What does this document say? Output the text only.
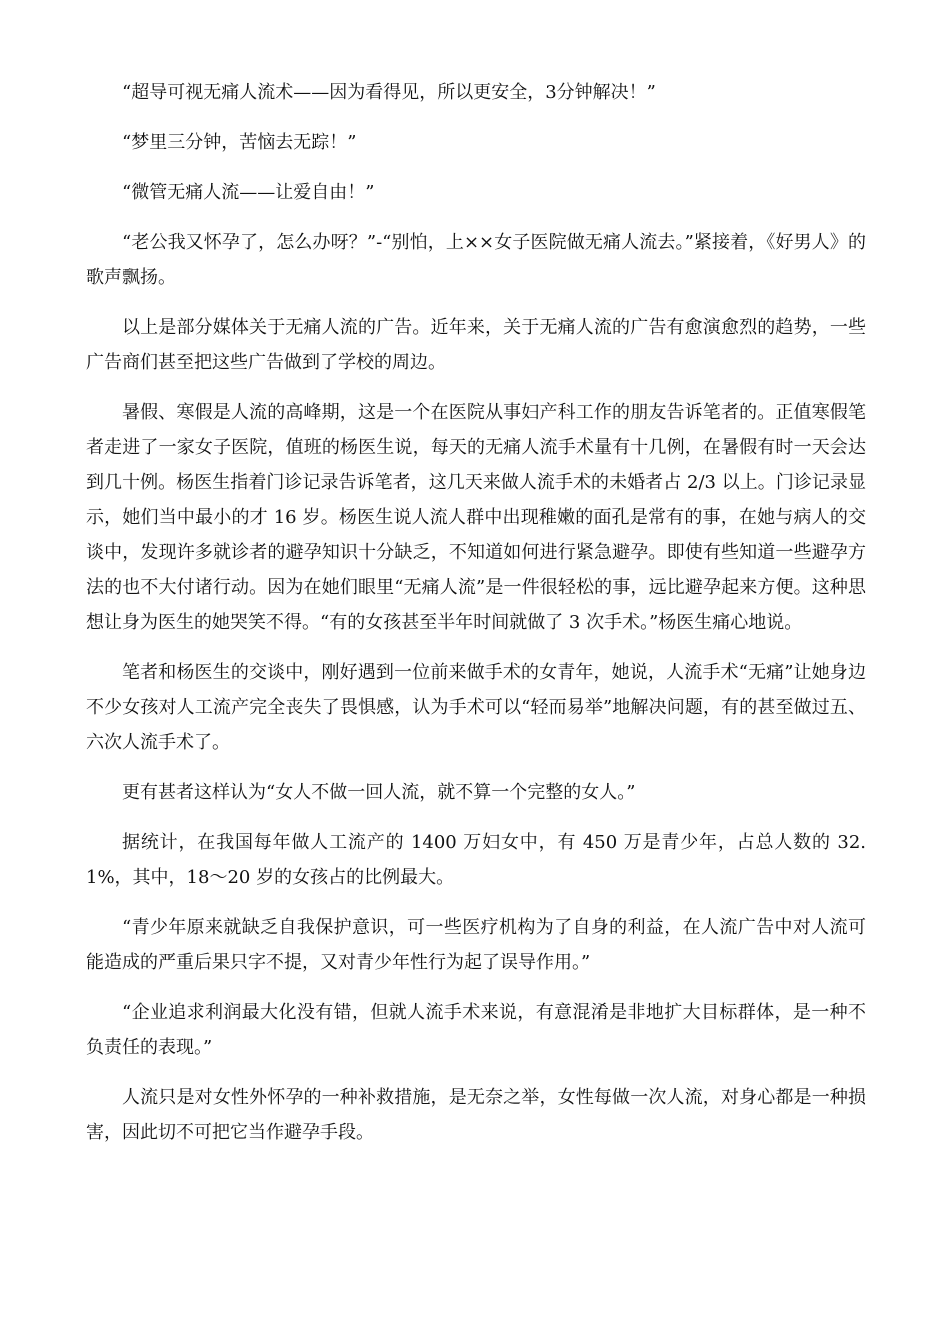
“超导可视无痛人流术——因为看得见，所以更安全，3分钟解决！”

“梦里三分钟，苦恼去无踪！”

“微管无痛人流——让爱自由！”

“老公我又怀孕了，怎么办呀？”-“别怕，上××女子医院做无痛人流去。”紧接着，《好男人》的歌声飘扬。

以上是部分媒体关于无痛人流的广告。近年来，关于无痛人流的广告有愈演愈烈的趋势，一些广告商们甚至把这些广告做到了学校的周边。

暑假、寒假是人流的高峰期，这是一个在医院从事妇产科工作的朋友告诉笔者的。正值寒假笔者走进了一家女子医院，值班的杨医生说，每天的无痛人流手术量有十几例，在暑假有时一天会达到几十例。杨医生指着门诊记录告诉笔者，这几天来做人流手术的未婚者占 2/3 以上。门诊记录显示，她们当中最小的才 16 岁。杨医生说人流人群中出现稚嫩的面孔是常有的事，在她与病人的交谈中，发现许多就诊者的避孕知识十分缺乏，不知道如何进行紧急避孕。即使有些知道一些避孕方法的也不大付诸行动。因为在她们眼里“无痛人流”是一件很轻松的事，远比避孕起来方便。这种思想让身为医生的她哭笑不得。“有的女孩甚至半年时间就做了 3 次手术。”杨医生痛心地说。

笔者和杨医生的交谈中，刚好遇到一位前来做手术的女青年，她说，人流手术“无痛”让她身边不少女孩对人工流产完全丧失了畏惧感，认为手术可以“轻而易举”地解决问题，有的甚至做过五、六次人流手术了。

更有甚者这样认为“女人不做一回人流，就不算一个完整的女人。”

据统计，在我国每年做人工流产的 1400 万妇女中，有 450 万是青少年，占总人数的 32.1%，其中，18～20 岁的女孩占的比例最大。

“青少年原来就缺乏自我保护意识，可一些医疗机构为了自身的利益，在人流广告中对人流可能造成的严重后果只字不提，又对青少年性行为起了误导作用。”

“企业追求利润最大化没有错，但就人流手术来说，有意混淆是非地扩大目标群体，是一种不负责任的表现。”

人流只是对女性外怀孕的一种补救措施，是无奈之举，女性每做一次人流，对身心都是一种损害，因此切不可把它当作避孕手段。
